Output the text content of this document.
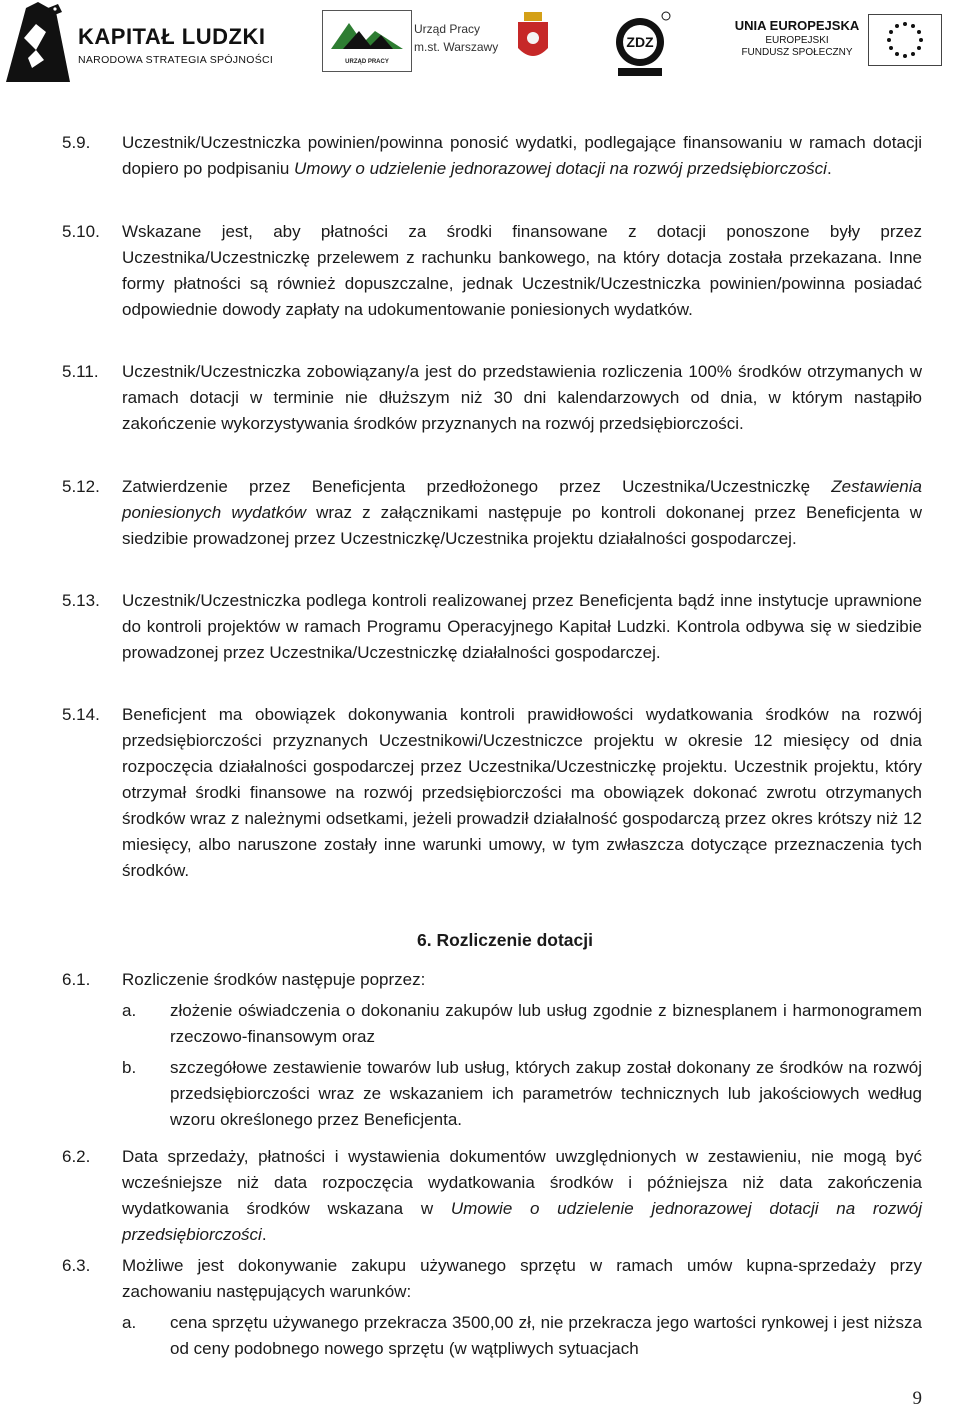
KAPITAŁ LUDZKI
NARODOWA STRATEGIA SPÓJNOŚCI	URZĄD PRACY
Urząd Pracy
m.st. Warszawy	ZDZ
UNIA EUROPEJSKA
EUROPEJSKI
FUNDUSZ SPOŁECZNY
5.9. Uczestnik/Uczestniczka powinien/powinna ponosić wydatki, podlegające finansowaniu w ramach dotacji dopiero po podpisaniu Umowy o udzielenie jednorazowej dotacji na rozwój przedsiębiorczości.
5.10. Wskazane jest, aby płatności za środki finansowane z dotacji ponoszone były przez Uczestnika/Uczestniczkę przelewem z rachunku bankowego, na który dotacja została przekazana. Inne formy płatności są również dopuszczalne, jednak Uczestnik/Uczestniczka powinien/powinna posiadać odpowiednie dowody zapłaty na udokumentowanie poniesionych wydatków.
5.11. Uczestnik/Uczestniczka zobowiązany/a jest do przedstawienia rozliczenia 100% środków otrzymanych w ramach dotacji w terminie nie dłuższym niż 30 dni kalendarzowych od dnia, w którym nastąpiło zakończenie wykorzystywania środków przyznanych na rozwój przedsiębiorczości.
5.12. Zatwierdzenie przez Beneficjenta przedłożonego przez Uczestnika/Uczestniczkę Zestawienia poniesionych wydatków wraz z załącznikami następuje po kontroli dokonanej przez Beneficjenta w siedzibie prowadzonej przez Uczestniczkę/Uczestnika projektu działalności gospodarczej.
5.13. Uczestnik/Uczestniczka podlega kontroli realizowanej przez Beneficjenta bądź inne instytucje uprawnione do kontroli projektów w ramach Programu Operacyjnego Kapitał Ludzki. Kontrola odbywa się w siedzibie prowadzonej przez Uczestnika/Uczestniczkę działalności gospodarczej.
5.14. Beneficjent ma obowiązek dokonywania kontroli prawidłowości wydatkowania środków na rozwój przedsiębiorczości przyznanych Uczestnikowi/Uczestniczce projektu w okresie 12 miesięcy od dnia rozpoczęcia działalności gospodarczej przez Uczestnika/Uczestniczkę projektu. Uczestnik projektu, który otrzymał środki finansowe na rozwój przedsiębiorczości ma obowiązek dokonać zwrotu otrzymanych środków wraz z należnymi odsetkami, jeżeli prowadził działalność gospodarczą przez okres krótszy niż 12 miesięcy, albo naruszone zostały inne warunki umowy, w tym zwłaszcza dotyczące przeznaczenia tych środków.
6. Rozliczenie dotacji
6.1. Rozliczenie środków następuje poprzez:
a. złożenie oświadczenia o dokonaniu zakupów lub usług zgodnie z biznesplanem i harmonogramem rzeczowo-finansowym oraz
b. szczegółowe zestawienie towarów lub usług, których zakup został dokonany ze środków na rozwój przedsiębiorczości wraz ze wskazaniem ich parametrów technicznych lub jakościowych według wzoru określonego przez Beneficjenta.
6.2. Data sprzedaży, płatności i wystawienia dokumentów uwzględnionych w zestawieniu, nie mogą być wcześniejsze niż data rozpoczęcia wydatkowania środków i późniejsza niż data zakończenia wydatkowania środków wskazana w Umowie o udzielenie jednorazowej dotacji na rozwój przedsiębiorczości.
6.3. Możliwe jest dokonywanie zakupu używanego sprzętu w ramach umów kupna-sprzedaży przy zachowaniu następujących warunków:
a. cena sprzętu używanego przekracza 3500,00 zł, nie przekracza jego wartości rynkowej i jest niższa od ceny podobnego nowego sprzętu (w wątpliwych sytuacjach
9
